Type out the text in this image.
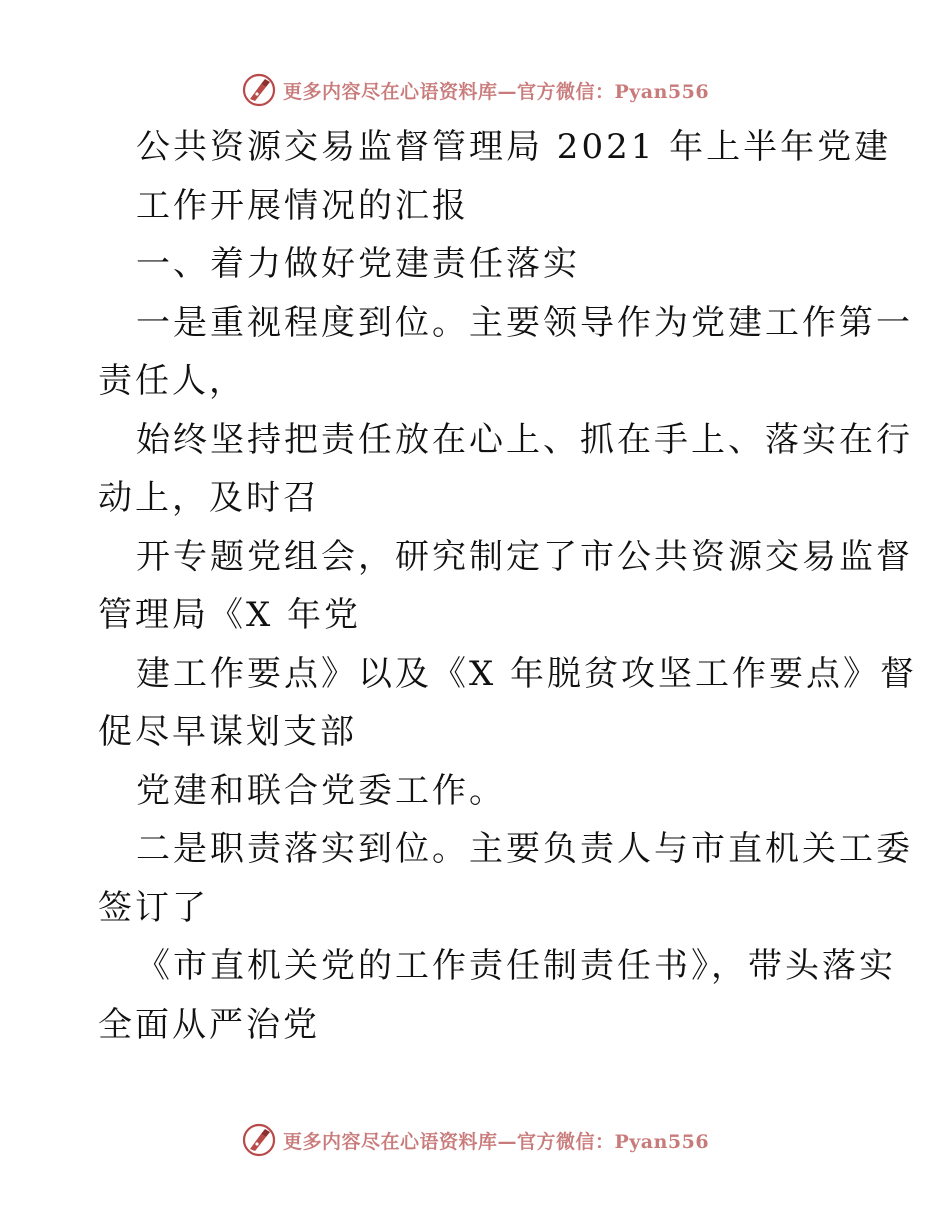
更多内容尽在心语资料库—官方微信：Pyan556
公共资源交易监督管理局 2021 年上半年党建
工作开展情况的汇报
一、着力做好党建责任落实
一是重视程度到位。主要领导作为党建工作第一
责任人，
始终坚持把责任放在心上、抓在手上、落实在行
动上，及时召
开专题党组会，研究制定了市公共资源交易监督
管理局《X 年党
建工作要点》以及《X 年脱贫攻坚工作要点》督
促尽早谋划支部
党建和联合党委工作。
二是职责落实到位。主要负责人与市直机关工委
签订了
《市直机关党的工作责任制责任书》，带头落实
全面从严治党
更多内容尽在心语资料库—官方微信：Pyan556
